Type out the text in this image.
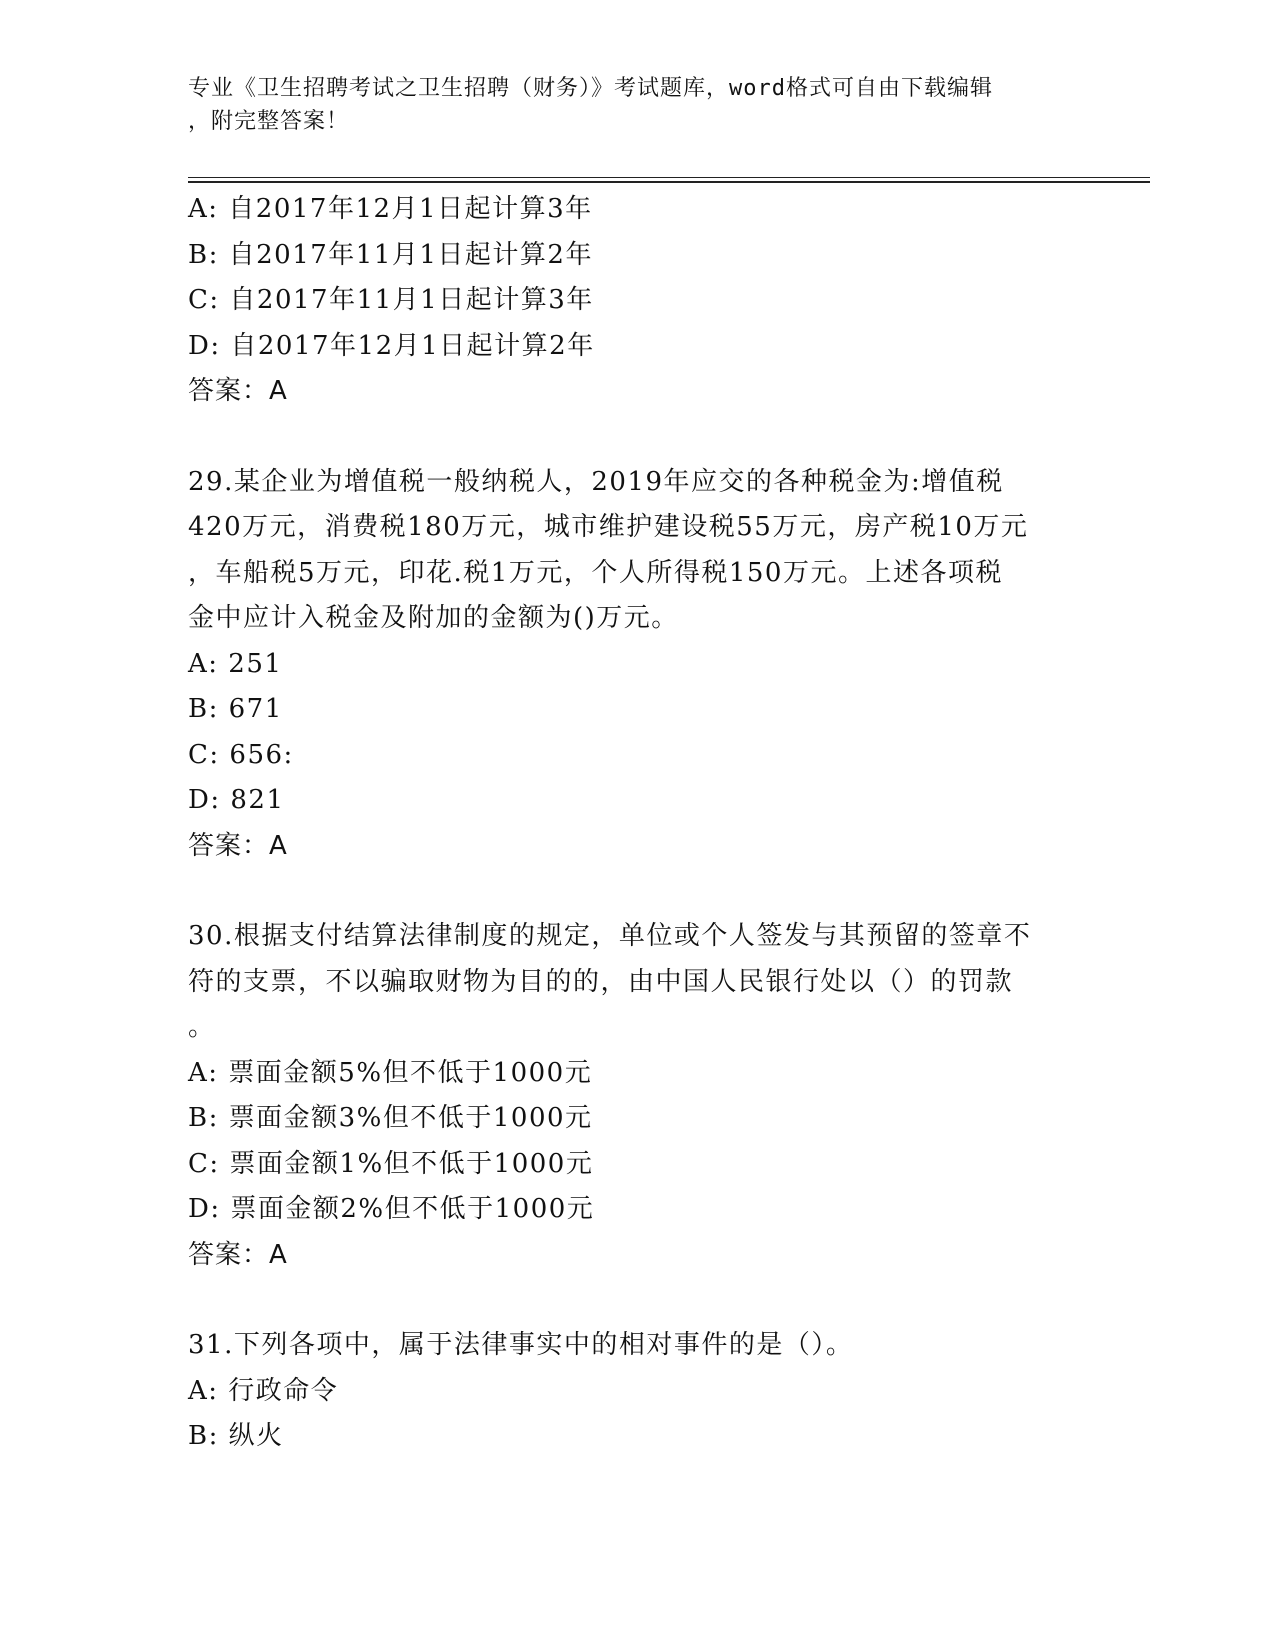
专业《卫生招聘考试之卫生招聘（财务）》考试题库，word格式可自由下载编辑
，附完整答案！
A: 自2017年12月1日起计算3年
B: 自2017年11月1日起计算2年
C: 自2017年11月1日起计算3年
D: 自2017年12月1日起计算2年
答案：A
29.某企业为增值税一般纳税人，2019年应交的各种税金为:增值税
420万元，消费税180万元，城市维护建设税55万元，房产税10万元
，车船税5万元，印花.税1万元，个人所得税150万元。上述各项税
金中应计入税金及附加的金额为()万元。
A: 251
B: 671
C: 656:
D: 821
答案：A
30.根据支付结算法律制度的规定，单位或个人签发与其预留的签章不
符的支票，不以骗取财物为目的的，由中国人民银行处以（）的罚款
。
A: 票面金额5%但不低于1000元
B: 票面金额3%但不低于1000元
C: 票面金额1%但不低于1000元
D: 票面金额2%但不低于1000元
答案：A
31.下列各项中，属于法律事实中的相对事件的是（）。
A: 行政命令
B: 纵火
